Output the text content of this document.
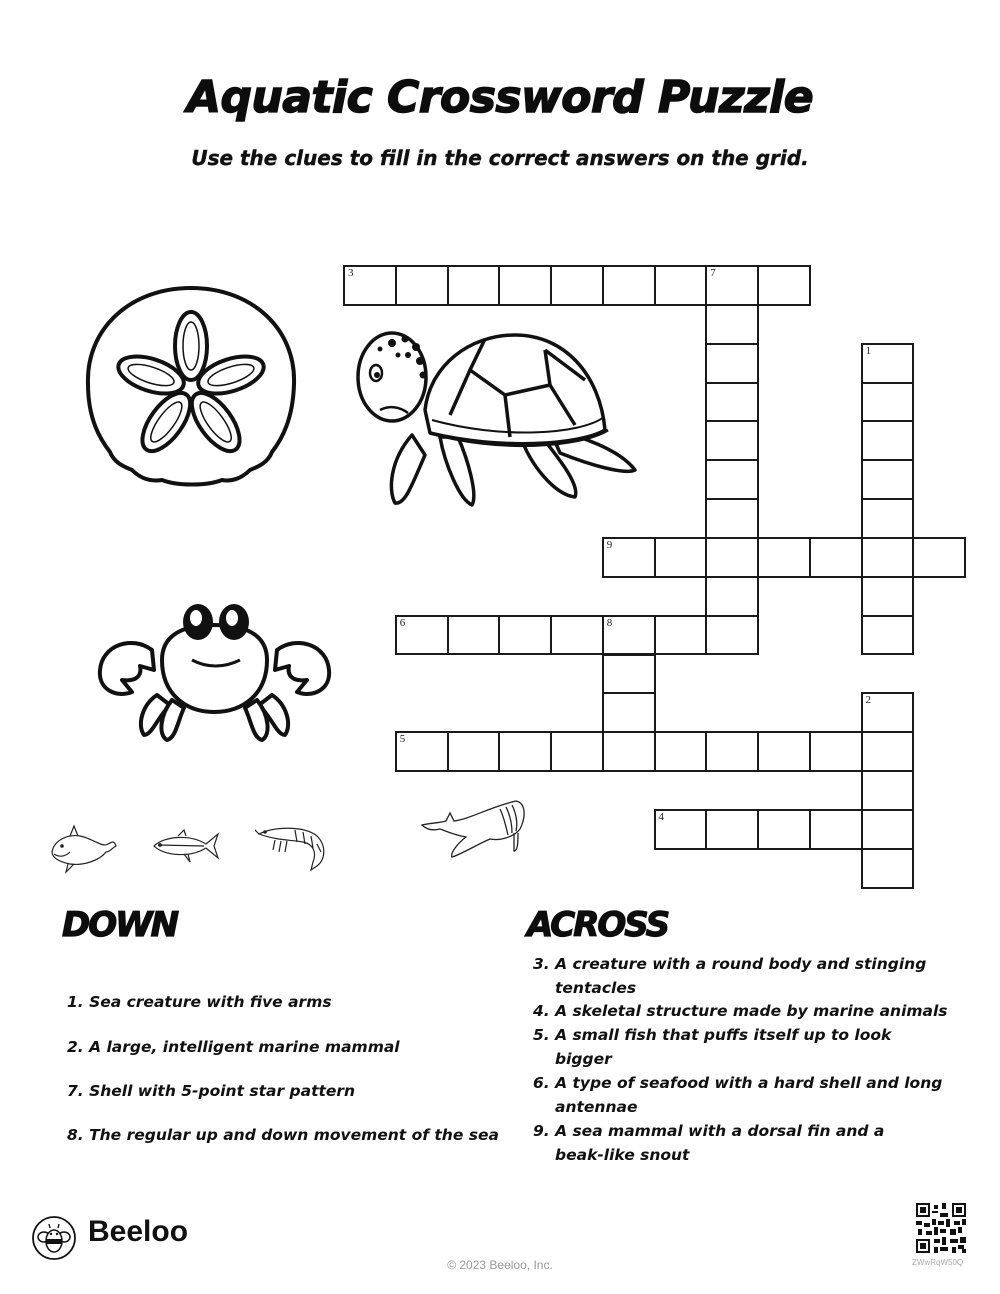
Aquatic Crossword Puzzle
Use the clues to fill in the correct answers on the grid.
3	7
1
9
6	8
2
5
4
DOWN
1. Sea creature with five arms
2. A large, intelligent marine mammal
7. Shell with 5-point star pattern
8. The regular up and down movement of the sea
ACROSS
3. A creature with a round body and stinging
tentacles
4. A skeletal structure made by marine animals
5. A small fish that puffs itself up to look
bigger
6. A type of seafood with a hard shell and long
antennae
9. A sea mammal with a dorsal fin and a
beak-like snout
Beeloo
© 2023 Beeloo, Inc.	ZWwRqW50Q
